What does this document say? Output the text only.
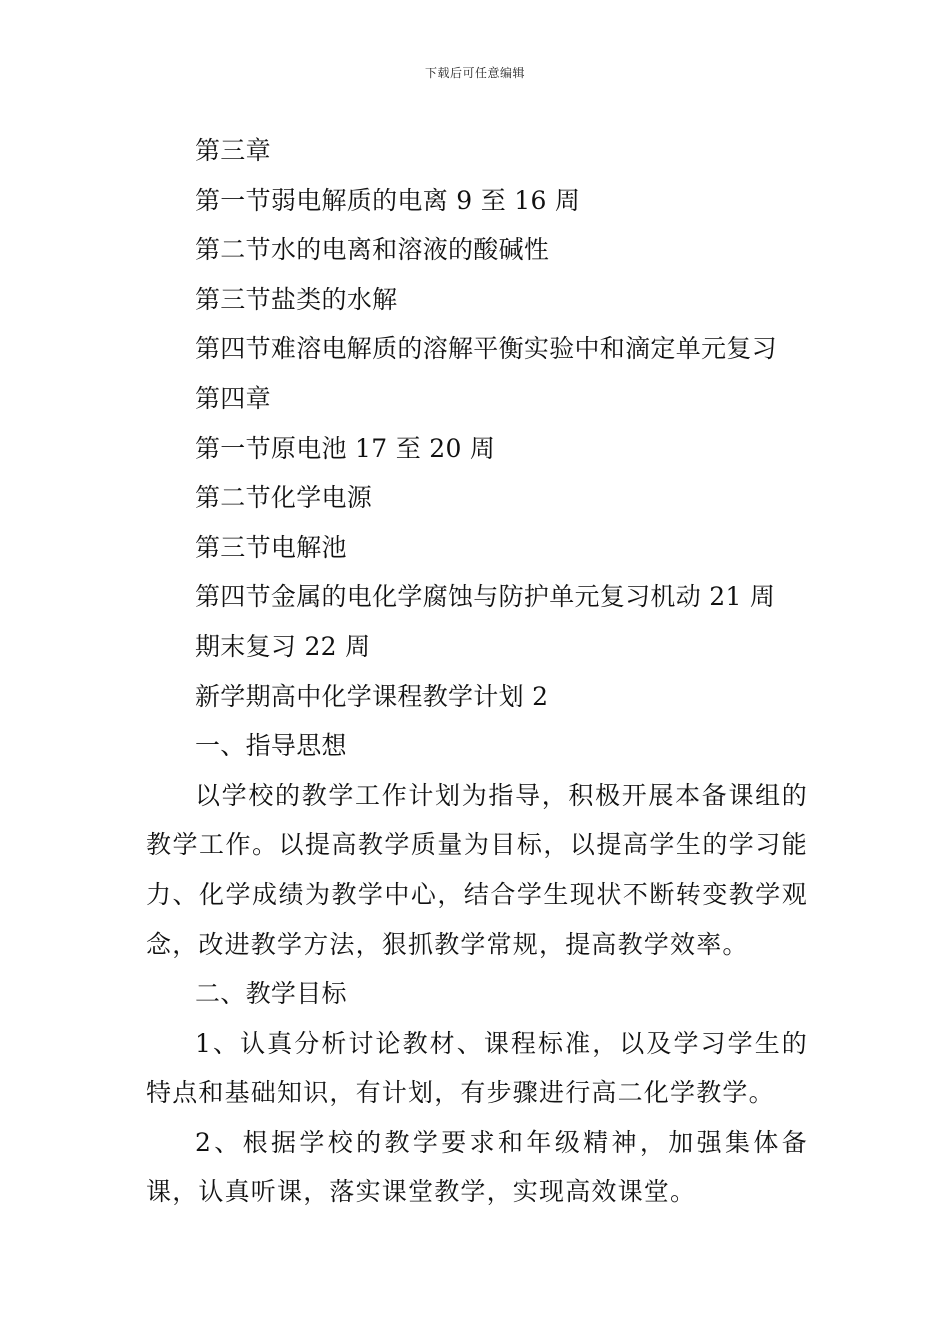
下载后可任意编辑
第三章
第一节弱电解质的电离 9 至 16 周
第二节水的电离和溶液的酸碱性
第三节盐类的水解
第四节难溶电解质的溶解平衡实验中和滴定单元复习
第四章
第一节原电池 17 至 20 周
第二节化学电源
第三节电解池
第四节金属的电化学腐蚀与防护单元复习机动 21 周
期末复习 22 周
新学期高中化学课程教学计划 2
一、指导思想

以学校的教学工作计划为指导，积极开展本备课组的教学工作。以提高教学质量为目标，以提高学生的学习能力、化学成绩为教学中心，结合学生现状不断转变教学观念，改进教学方法，狠抓教学常规，提高教学效率。

二、教学目标

1、认真分析讨论教材、课程标准，以及学习学生的特点和基础知识，有计划，有步骤进行高二化学教学。

2、根据学校的教学要求和年级精神，加强集体备课，认真听课，落实课堂教学，实现高效课堂。
